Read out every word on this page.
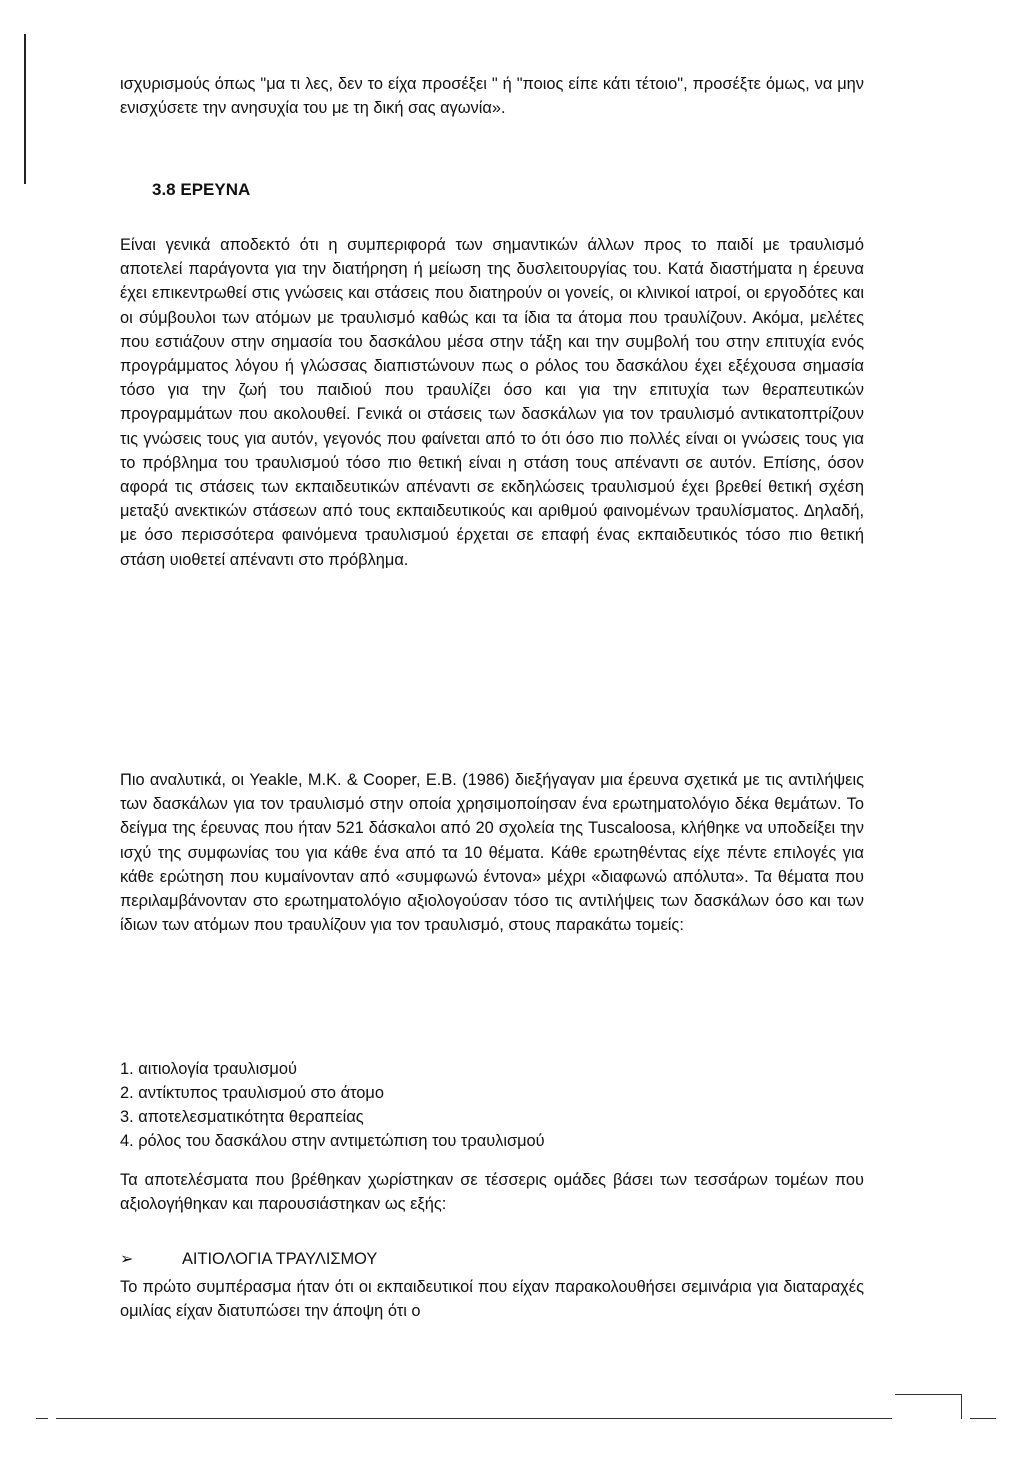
ισχυρισμούς όπως "μα τι λες, δεν το είχα προσέξει " ή "ποιος είπε κάτι τέτοιο", προσέξτε όμως, να μην ενισχύσετε την ανησυχία του με τη δική σας αγωνία».

3.8 ΕΡΕΥΝΑ

Είναι γενικά αποδεκτό ότι η συμπεριφορά των σημαντικών άλλων προς το παιδί με τραυλισμό αποτελεί παράγοντα για την διατήρηση ή μείωση της δυσλειτουργίας του. Κατά διαστήματα η έρευνα έχει επικεντρωθεί στις γνώσεις και στάσεις που διατηρούν οι γονείς, οι κλινικοί ιατροί, οι εργοδότες και οι σύμβουλοι των ατόμων με τραυλισμό καθώς και τα ίδια τα άτομα που τραυλίζουν. Ακόμα, μελέτες που εστιάζουν στην σημασία του δασκάλου μέσα στην τάξη και την συμβολή του στην επιτυχία ενός προγράμματος λόγου ή γλώσσας διαπιστώνουν πως ο ρόλος του δασκάλου έχει εξέχουσα σημασία τόσο για την ζωή του παιδιού που τραυλίζει όσο και για την επιτυχία των θεραπευτικών προγραμμάτων που ακολουθεί. Γενικά οι στάσεις των δασκάλων για τον τραυλισμό αντικατοπτρίζουν τις γνώσεις τους για αυτόν, γεγονός που φαίνεται από το ότι όσο πιο πολλές είναι οι γνώσεις τους για το πρόβλημα του τραυλισμού τόσο πιο θετική είναι η στάση τους απέναντι σε αυτόν. Επίσης, όσον αφορά τις στάσεις των εκπαιδευτικών απέναντι σε εκδηλώσεις τραυλισμού έχει βρεθεί θετική σχέση μεταξύ ανεκτικών στάσεων από τους εκπαιδευτικούς και αριθμού φαινομένων τραυλίσματος. Δηλαδή, με όσο περισσότερα φαινόμενα τραυλισμού έρχεται σε επαφή ένας εκπαιδευτικός τόσο πιο θετική στάση υιοθετεί απέναντι στο πρόβλημα.

Πιο αναλυτικά, οι Yeakle, M.K. & Cooper, E.B. (1986) διεξήγαγαν μια έρευνα σχετικά με τις αντιλήψεις των δασκάλων για τον τραυλισμό στην οποία χρησιμοποίησαν ένα ερωτηματολόγιο δέκα θεμάτων. Το δείγμα της έρευνας που ήταν 521 δάσκαλοι από 20 σχολεία της Tuscaloosa, κλήθηκε να υποδείξει την ισχύ της συμφωνίας του για κάθε ένα από τα 10 θέματα. Κάθε ερωτηθέντας είχε πέντε επιλογές για κάθε ερώτηση που κυμαίνονταν από «συμφωνώ έντονα» μέχρι «διαφωνώ απόλυτα». Τα θέματα που περιλαμβάνονταν στο ερωτηματολόγιο αξιολογούσαν τόσο τις αντιλήψεις των δασκάλων όσο και των ίδιων των ατόμων που τραυλίζουν για τον τραυλισμό, στους παρακάτω τομείς:

1. αιτιολογία τραυλισμού
2. αντίκτυπος τραυλισμού στο άτομο
3. αποτελεσματικότητα θεραπείας
4. ρόλος του δασκάλου στην αντιμετώπιση του τραυλισμού

Τα αποτελέσματα που βρέθηκαν χωρίστηκαν σε τέσσερις ομάδες βάσει των τεσσάρων τομέων που αξιολογήθηκαν και παρουσιάστηκαν ως εξής:

➢	ΑΙΤΙΟΛΟΓΙΑ ΤΡΑΥΛΙΣΜΟΥ

Το πρώτο συμπέρασμα ήταν ότι οι εκπαιδευτικοί που είχαν παρακολουθήσει σεμινάρια για διαταραχές ομιλίας είχαν διατυπώσει την άποψη ότι ο
